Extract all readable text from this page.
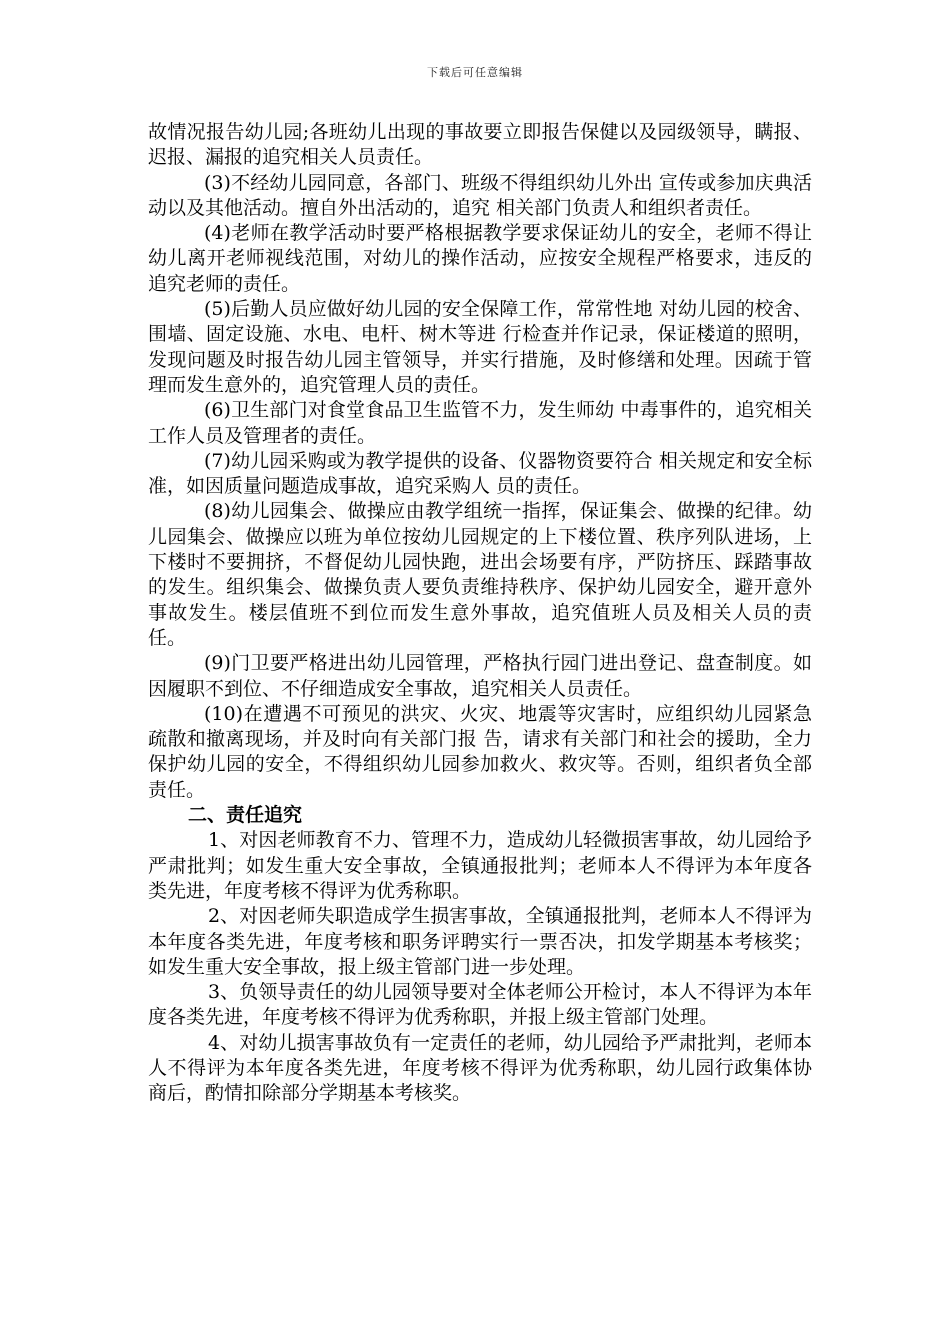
下载后可任意编辑

故情况报告幼儿园;各班幼儿出现的事故要立即报告保健以及园级领导，瞒报、迟报、漏报的追究相关人员责任。

(3)不经幼儿园同意，各部门、班级不得组织幼儿外出 宣传或参加庆典活动以及其他活动。擅自外出活动的，追究 相关部门负责人和组织者责任。

(4)老师在教学活动时要严格根据教学要求保证幼儿的安全，老师不得让幼儿离开老师视线范围，对幼儿的操作活动，应按安全规程严格要求，违反的追究老师的责任。

(5)后勤人员应做好幼儿园的安全保障工作，常常性地 对幼儿园的校舍、围墙、固定设施、水电、电杆、树木等进 行检查并作记录，保证楼道的照明，发现问题及时报告幼儿园主管领导，并实行措施，及时修缮和处理。因疏于管理而发生意外的，追究管理人员的责任。

(6)卫生部门对食堂食品卫生监管不力，发生师幼 中毒事件的，追究相关工作人员及管理者的责任。

(7)幼儿园采购或为教学提供的设备、仪器物资要符合 相关规定和安全标准，如因质量问题造成事故，追究采购人 员的责任。

(8)幼儿园集会、做操应由教学组统一指挥，保证集会、做操的纪律。幼儿园集会、做操应以班为单位按幼儿园规定的上下楼位置、秩序列队进场，上下楼时不要拥挤，不督促幼儿园快跑，进出会场要有序，严防挤压、踩踏事故的发生。组织集会、做操负责人要负责维持秩序、保护幼儿园安全，避开意外事故发生。楼层值班不到位而发生意外事故，追究值班人员及相关人员的责任。

(9)门卫要严格进出幼儿园管理，严格执行园门进出登记、盘查制度。如因履职不到位、不仔细造成安全事故，追究相关人员责任。

(10)在遭遇不可预见的洪灾、火灾、地震等灾害时，应组织幼儿园紧急疏散和撤离现场，并及时向有关部门报 告，请求有关部门和社会的援助，全力保护幼儿园的安全，不得组织幼儿园参加救火、救灾等。否则，组织者负全部责任。

二、责任追究

1、对因老师教育不力、管理不力，造成幼儿轻微损害事故，幼儿园给予严肃批判；如发生重大安全事故，全镇通报批判；老师本人不得评为本年度各类先进，年度考核不得评为优秀称职。

2、对因老师失职造成学生损害事故，全镇通报批判，老师本人不得评为本年度各类先进，年度考核和职务评聘实行一票否决，扣发学期基本考核奖；如发生重大安全事故，报上级主管部门进一步处理。

3、负领导责任的幼儿园领导要对全体老师公开检讨，本人不得评为本年度各类先进，年度考核不得评为优秀称职，并报上级主管部门处理。

4、对幼儿损害事故负有一定责任的老师，幼儿园给予严肃批判，老师本人不得评为本年度各类先进，年度考核不得评为优秀称职，幼儿园行政集体协商后，酌情扣除部分学期基本考核奖。
